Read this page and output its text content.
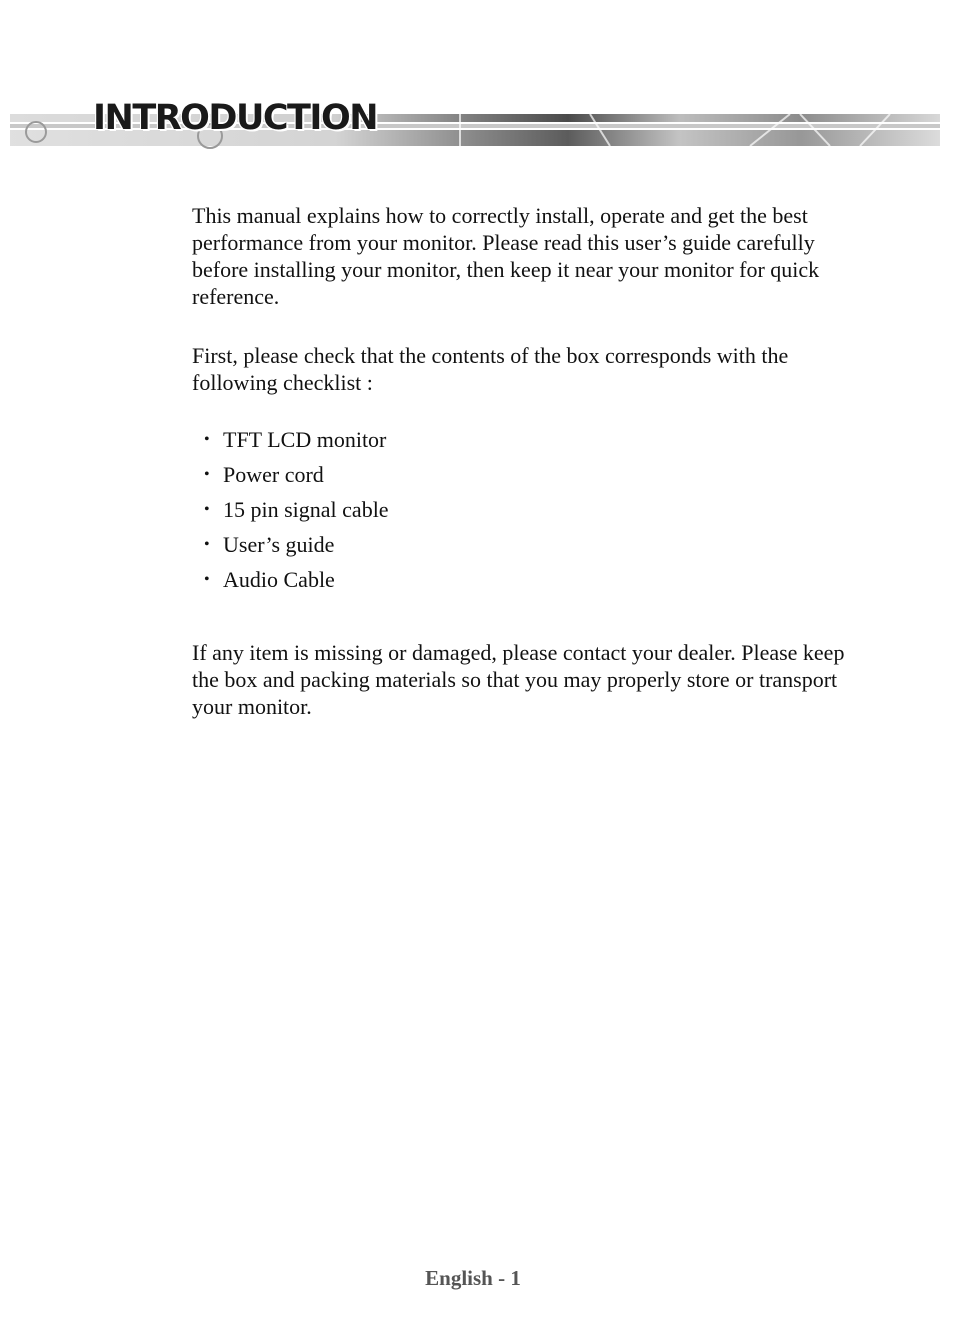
INTRODUCTION

This manual explains how to correctly install, operate and get the best performance from your monitor. Please read this user’s guide carefully before installing your monitor, then keep it near your monitor for quick reference.

First, please check that the contents of the box corresponds with the following checklist :

• TFT LCD monitor
• Power cord
• 15 pin signal cable
• User’s guide
• Audio Cable

If any item is missing or damaged, please contact your dealer. Please keep the box and packing materials so that you may properly store or transport your monitor.

English - 1
